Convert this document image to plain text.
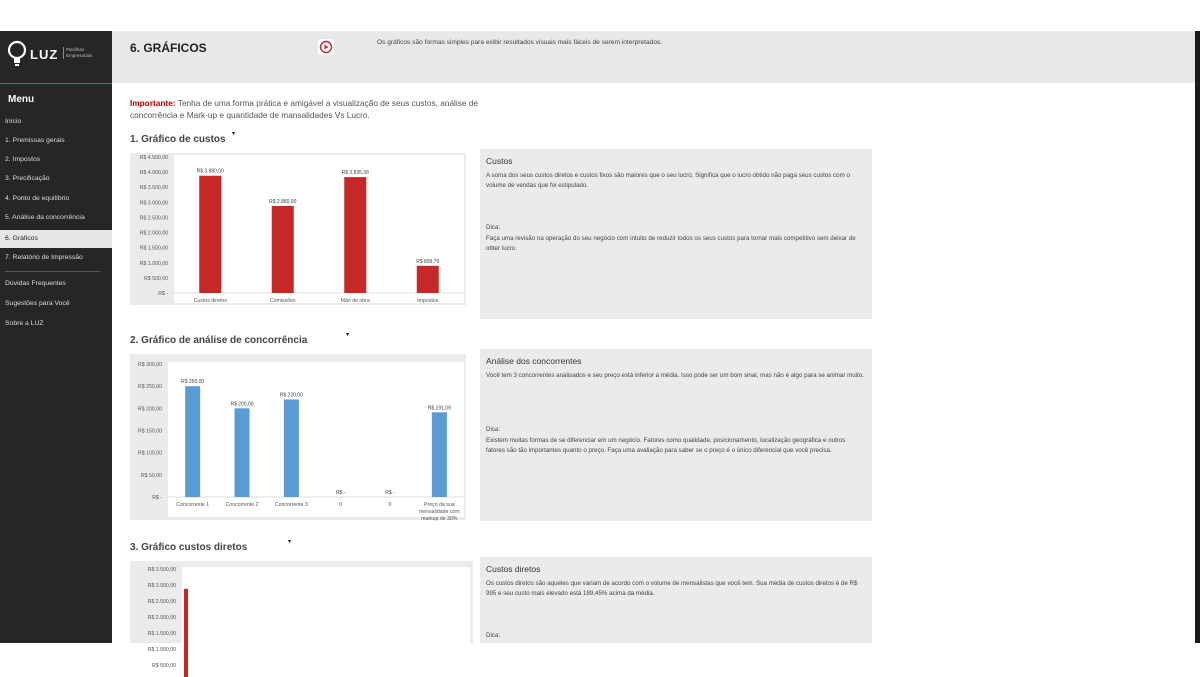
LUZ	Planilhas Empresariais
Menu
Início
1. Premissas gerais
2. Impostos
3. Precificação
4. Ponto de equilíbrio
5. Análise da concorrência
6. Gráficos
7. Relatório de Impressão
Dúvidas Frequentes
Sugestões para Você
Sobre a LUZ
6. GRÁFICOS	Os gráficos são formas simples para exibir resultados visuais mais fáceis de serem interpretados.
Importante: Tenha de uma forma prática e amigável a visualização de seus custos, análise de concorrência e Mark-up e quantidade de mansalidades Vs Lucro.
1. Gráfico de custos ▾
R$ -
R$ 500,00
R$ 1.000,00
R$ 1.500,00
R$ 2.000,00
R$ 2.500,00
R$ 3.000,00
R$ 3.500,00
R$ 4.000,00
R$ 4.500,00
R$ 3.880,00
Custos diretos
R$ 2.880,00
Comissões
R$ 3.835,38
Mão de obra
R$ 899,79
Impostos
Custos
A soma dos seus custos diretos e custos fixos são maiores que o seu lucro. Significa que o lucro obtido não paga seus custos com o volume de vendas que foi estipulado.
Dica:
Faça uma revisão na operação do seu negócio com intuito de reduzir todos os seus custos para tornar mais competitivo sem deixar de obter lucro.
2. Gráfico de análise de concorrência	▾
R$ -
R$ 50,00
R$ 100,00
R$ 150,00
R$ 200,00
R$ 250,00
R$ 300,00
R$ 250,00
Concorrente 1
R$ 200,00
Concorrente 2
R$ 220,00
Concorrente 3
R$ -
0
R$ -
0
R$ 191,09
Preço da sua
mensalidade com
markup de 30%
Análise dos concorrentes
Você tem 3 concorrentes analisados e seu preço está inferior a média. Isso pode ser um bom sinal, mas não é algo para se animar muito.
Dica:
Existem muitas formas de se diferenciar em um negócio. Fatores como qualidade, posicionamento, localização geográfica e outros fatores são tão importantes quanto o preço. Faça uma avaliação para saber se o preço é o único diferencial que você precisa.
3. Gráfico custos diretos	▾
R$ 500,00
R$ 1.000,00
R$ 1.500,00
R$ 2.000,00
R$ 2.500,00
R$ 3.000,00
R$ 3.500,00	Custos diretos
Os custos diretos são aqueles que variam de acordo com o volume de mensalistas que você tem. Sua média de custos diretos é de R$ 995 e seu custo mais elevado está 189,45% acima da média.
Dica:
